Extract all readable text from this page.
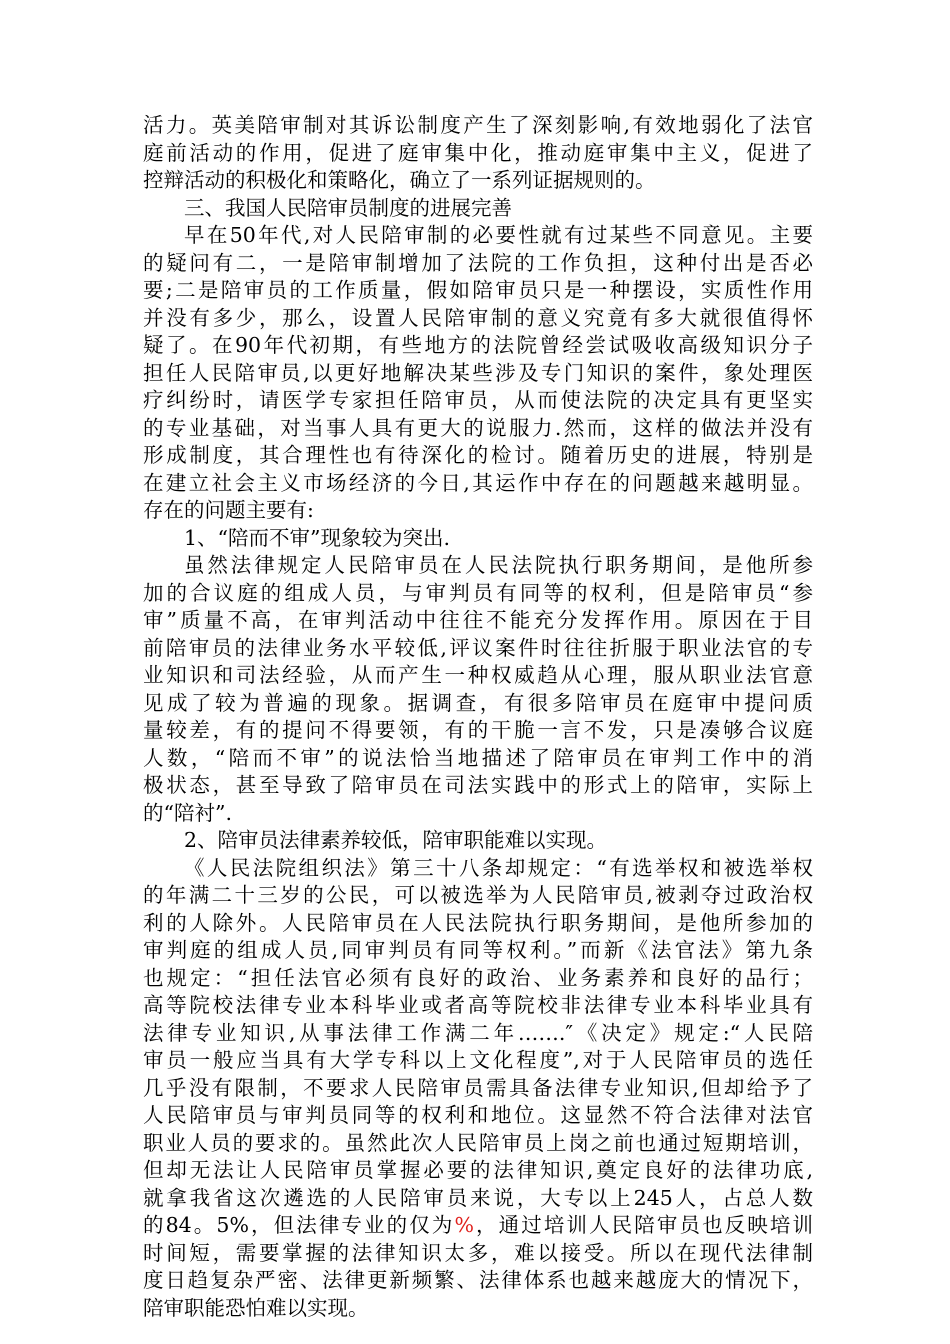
活力。英美陪审制对其诉讼制度产生了深刻影响,有效地弱化了法官
庭前活动的作用，促进了庭审集中化，推动庭审集中主义，促进了
控辩活动的积极化和策略化，确立了一系列证据规则的。
三、我国人民陪审员制度的进展完善
早在50年代,对人民陪审制的必要性就有过某些不同意见。主要
的疑问有二，一是陪审制增加了法院的工作负担，这种付出是否必
要;二是陪审员的工作质量，假如陪审员只是一种摆设，实质性作用
并没有多少，那么，设置人民陪审制的意义究竟有多大就很值得怀
疑了。在90年代初期，有些地方的法院曾经尝试吸收高级知识分子
担任人民陪审员,以更好地解决某些涉及专门知识的案件，象处理医
疗纠纷时，请医学专家担任陪审员，从而使法院的决定具有更坚实
的专业基础，对当事人具有更大的说服力.然而，这样的做法并没有
形成制度，其合理性也有待深化的检讨。随着历史的进展，特别是
在建立社会主义市场经济的今日,其运作中存在的问题越来越明显。
存在的问题主要有:
1、“陪而不审”现象较为突出.
虽然法律规定人民陪审员在人民法院执行职务期间，是他所参
加的合议庭的组成人员，与审判员有同等的权利，但是陪审员“参
审”质量不高，在审判活动中往往不能充分发挥作用。原因在于目
前陪审员的法律业务水平较低,评议案件时往往折服于职业法官的专
业知识和司法经验，从而产生一种权威趋从心理，服从职业法官意
见成了较为普遍的现象。据调查，有很多陪审员在庭审中提问质
量较差，有的提问不得要领，有的干脆一言不发，只是凑够合议庭
人数，“陪而不审”的说法恰当地描述了陪审员在审判工作中的消
极状态，甚至导致了陪审员在司法实践中的形式上的陪审，实际上
的“陪衬”.
2、陪审员法律素养较低，陪审职能难以实现。
《人民法院组织法》第三十八条却规定：“有选举权和被选举权
的年满二十三岁的公民，可以被选举为人民陪审员,被剥夺过政治权
利的人除外。人民陪审员在人民法院执行职务期间，是他所参加的
审判庭的组成人员,同审判员有同等权利。”而新《法官法》第九条
也规定：“担任法官必须有良好的政治、业务素养和良好的品行；
高等院校法律专业本科毕业或者高等院校非法律专业本科毕业具有
法律专业知识,从事法律工作满二年…….″《决定》规定:“人民陪
审员一般应当具有大学专科以上文化程度”,对于人民陪审员的选任
几乎没有限制，不要求人民陪审员需具备法律专业知识,但却给予了
人民陪审员与审判员同等的权利和地位。这显然不符合法律对法官
职业人员的要求的。虽然此次人民陪审员上岗之前也通过短期培训，
但却无法让人民陪审员掌握必要的法律知识,奠定良好的法律功底,
就拿我省这次遴选的人民陪审员来说，大专以上245人，占总人数
的84。5%，但法律专业的仅为%，通过培训人民陪审员也反映培训
时间短，需要掌握的法律知识太多，难以接受。所以在现代法律制
度日趋复杂严密、法律更新频繁、法律体系也越来越庞大的情况下，
陪审职能恐怕难以实现。
